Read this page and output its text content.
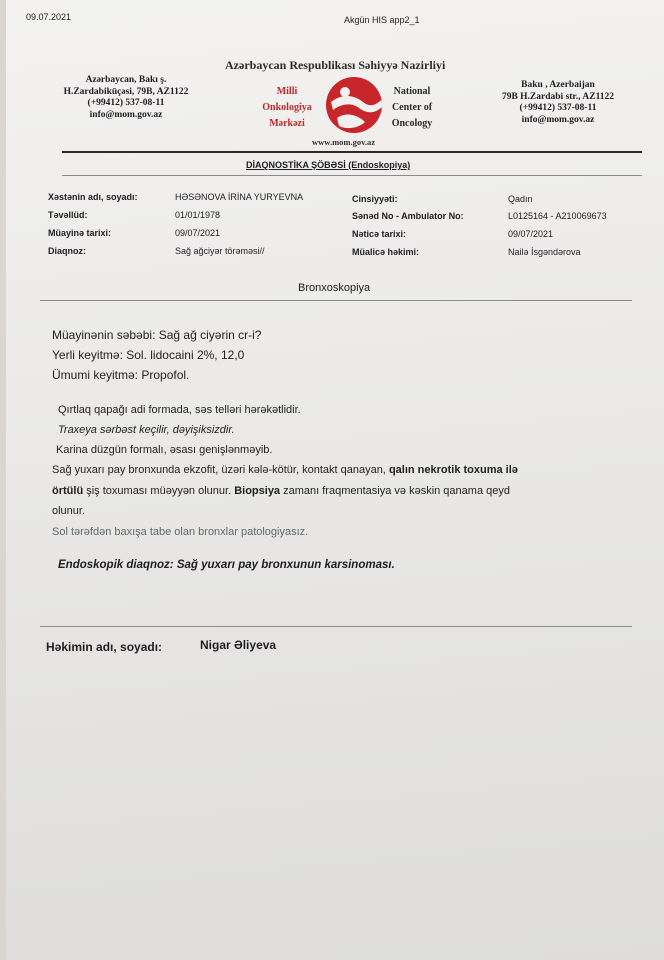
09.07.2021	Akgün HIS app2_1
Azərbaycan Respublikası Səhiyyə Nazirliyi
Azərbaycan, Bakı ş.
H.Zardabikūçəsi, 79B, AZ1122
(+99412) 537-08-11
info@mom.gov.az
Milli
Onkologiya
Mərkəzi
National
Center of
Oncology
www.mom.gov.az
Baku , Azerbaijan
79B H.Zardabi str., AZ1122
(+99412) 537-08-11
info@mom.gov.az
DİAQNOSTİKA ŞÖBƏSİ (Endoskopiya)
Xəstənin adı, soyadı:	HƏSƏNOVA İRİNA YURYEVNA
Təvəllüd:	01/01/1978
Müayinə tarixi:	09/07/2021
Diaqnoz:	Sağ ağciyər törəməsi//
Cinsiyyəti:	Qadın
Sənəd No - Ambulator No:	L0125164 - A210069673
Nəticə tarixi:	09/07/2021
Müalicə həkimi:	Nailə İsgəndərova
Bronxoskopiya
Müayinənin səbəbi: Sağ ağ ciyərin cr-i?
Yerli keyitmə: Sol. lidocaini 2%, 12,0
Ümumi keyitmə: Propofol.
Qırtlaq qapağı adi formada, səs telləri hərəkətlidir.
Traxeya sərbəst keçilir, dəyişiksizdir.
Karina düzgün formalı, əsası genişlənməyib.
Sağ yuxarı pay bronxunda ekzofit, üzəri kələ-kötür, kontakt qanayan, qalın nekrotik toxuma ilə
örtülü şiş toxuması müəyyən olunur. Biopsiya zamanı fraqmentasiya və kəskin qanama qeyd
olunur.
Sol tərəfdən baxışa tabe olan bronxlar patologiyasız.
Endoskopik diaqnoz: Sağ yuxarı pay bronxunun karsinoması.
Həkimin adı, soyadı:	Nigar Əliyeva
